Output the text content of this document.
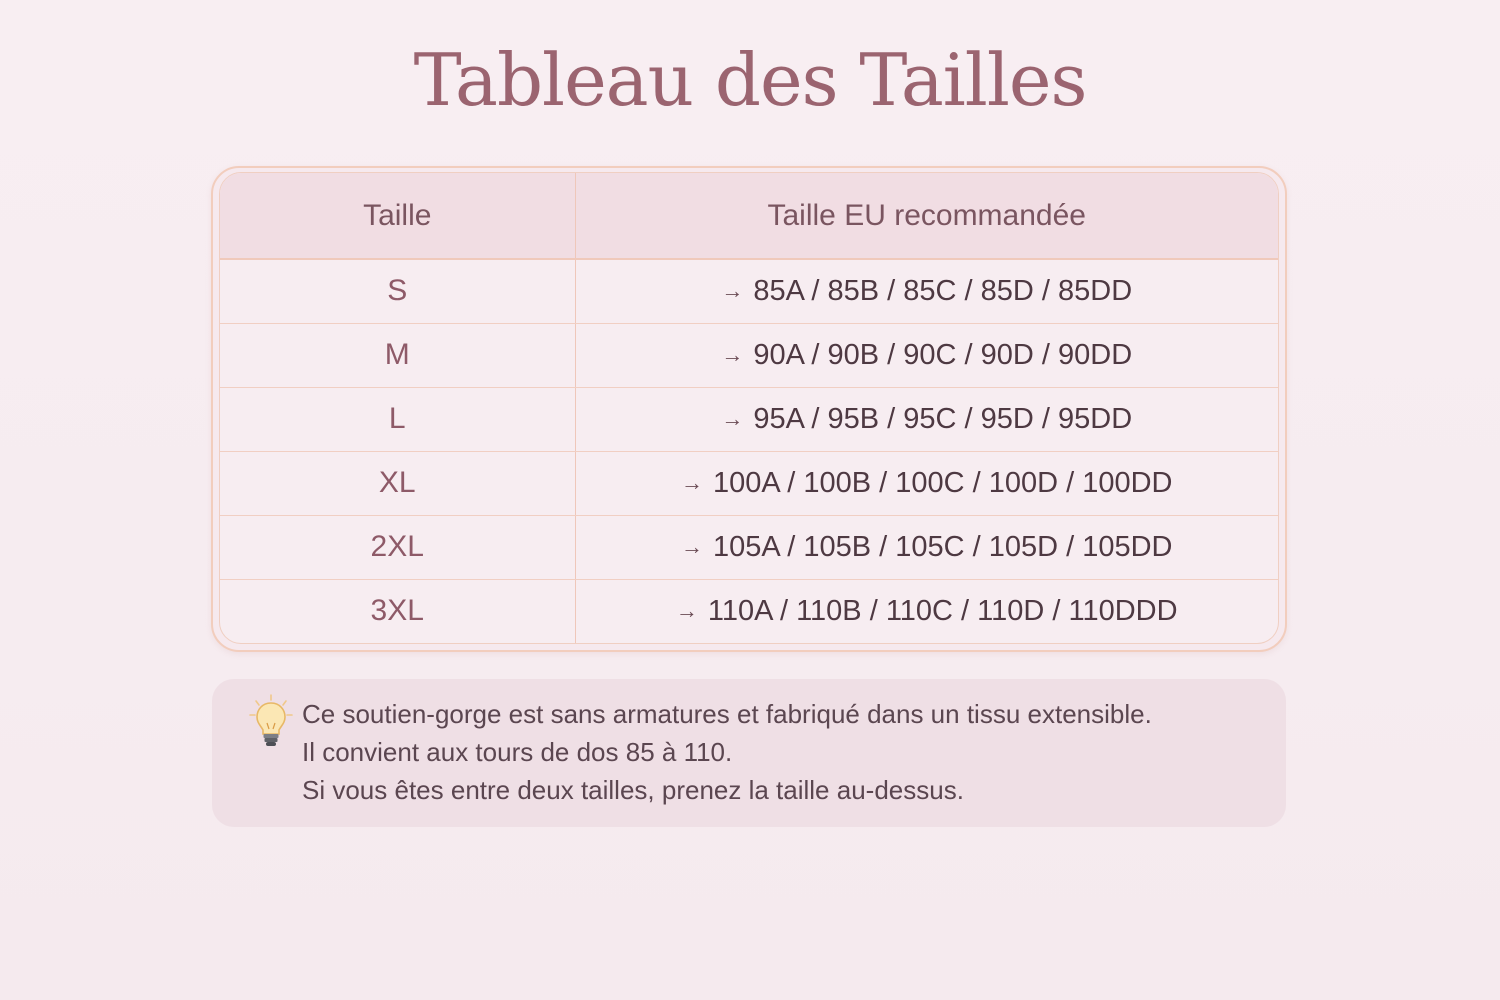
Tableau des Tailles
Taille	Taille EU recommandée
S	→ 85A / 85B / 85C / 85D / 85DD
M	→ 90A / 90B / 90C / 90D / 90DD
L	→ 95A / 95B / 95C / 95D / 95DD
XL	→ 100A / 100B / 100C / 100D / 100DD
2XL	→ 105A / 105B / 105C / 105D / 105DD
3XL	→ 110A / 110B / 110C / 110D / 110DDD
Ce soutien-gorge est sans armatures et fabriqué dans un tissu extensible.
Il convient aux tours de dos 85 à 110.
Si vous êtes entre deux tailles, prenez la taille au-dessus.
